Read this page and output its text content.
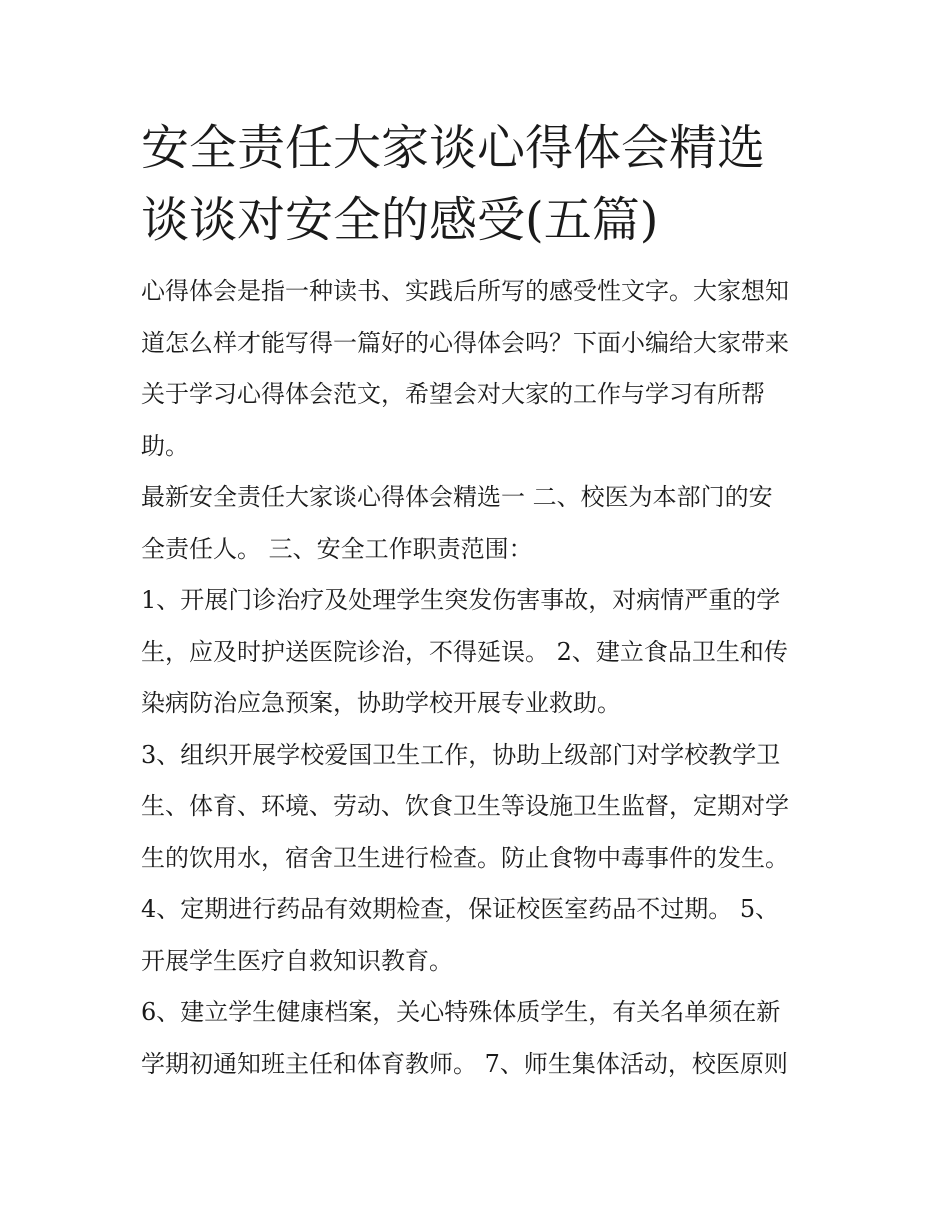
安全责任大家谈心得体会精选
谈谈对安全的感受(五篇)

心得体会是指一种读书、实践后所写的感受性文字。大家想知
道怎么样才能写得一篇好的心得体会吗？下面小编给大家带来
关于学习心得体会范文，希望会对大家的工作与学习有所帮
助。

最新安全责任大家谈心得体会精选一 二、校医为本部门的安
全责任人。 三、安全工作职责范围：

1、开展门诊治疗及处理学生突发伤害事故，对病情严重的学
生，应及时护送医院诊治，不得延误。 2、建立食品卫生和传
染病防治应急预案，协助学校开展专业救助。

3、组织开展学校爱国卫生工作，协助上级部门对学校教学卫
生、体育、环境、劳动、饮食卫生等设施卫生监督，定期对学
生的饮用水，宿舍卫生进行检查。防止食物中毒事件的发生。

4、定期进行药品有效期检查，保证校医室药品不过期。 5、
开展学生医疗自救知识教育。

6、建立学生健康档案，关心特殊体质学生，有关名单须在新
学期初通知班主任和体育教师。 7、师生集体活动，校医原则
